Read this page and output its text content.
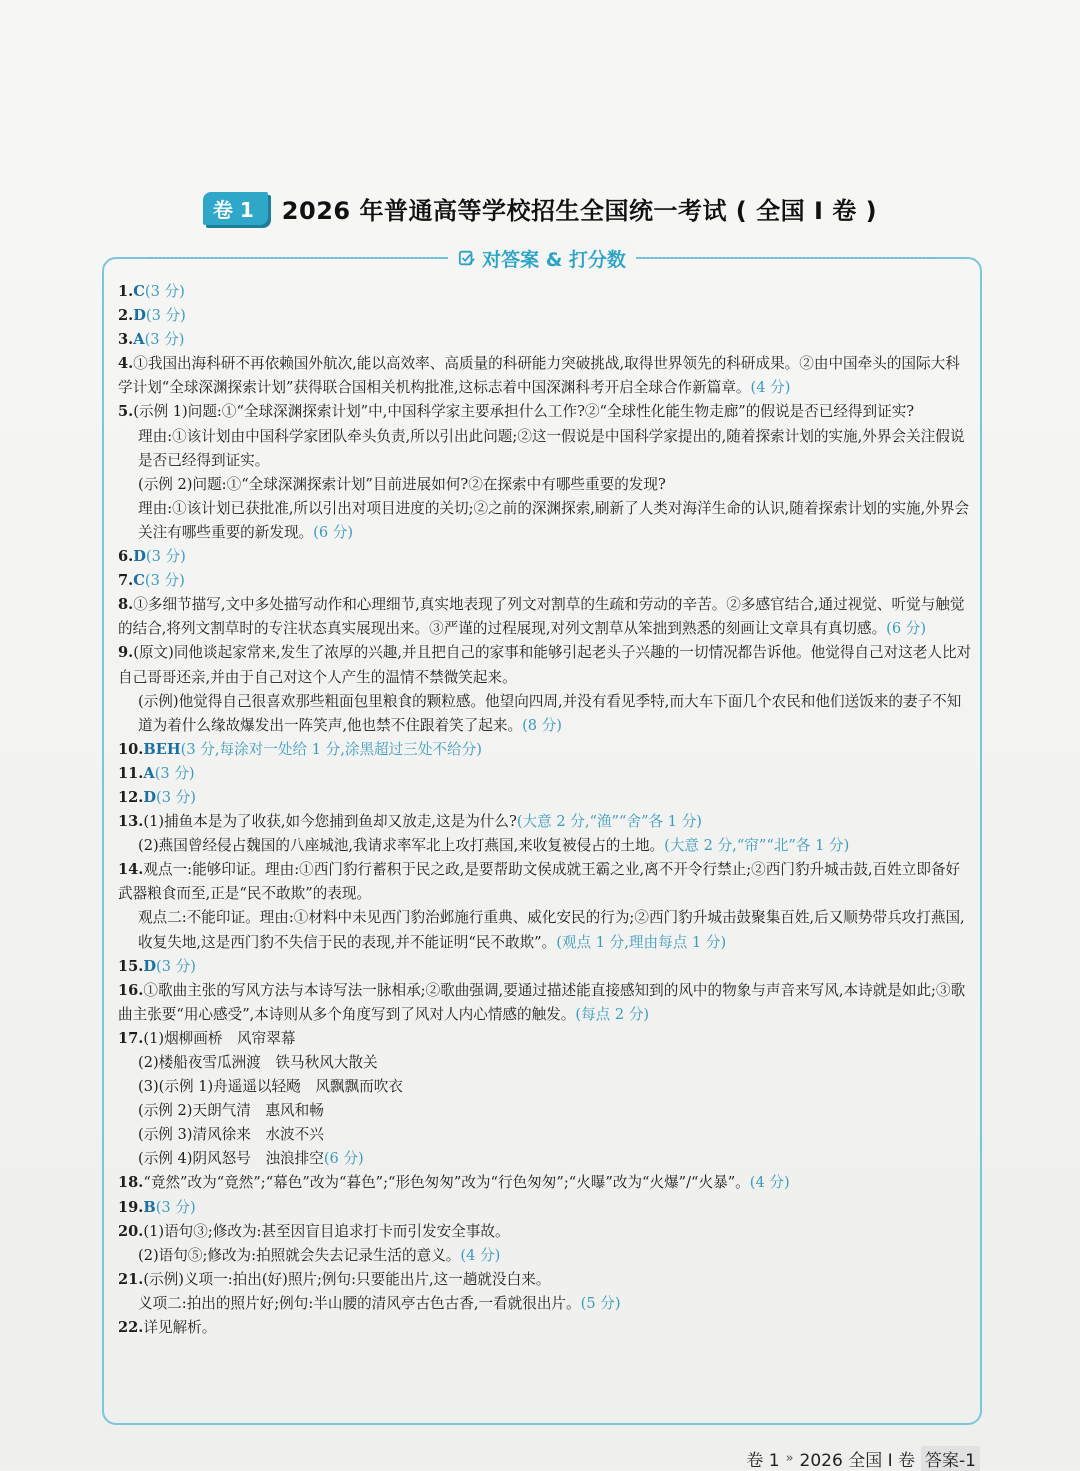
卷 1	2026 年普通高等学校招生全国统一考试 ( 全国 I 卷 )
对答案 & 打分数

1.C(3 分)

2.D(3 分)

3.A(3 分)

4.①我国出海科研不再依赖国外航次,能以高效率、高质量的科研能力突破挑战,取得世界领先的科研成果。②由中国牵头的国际大科学计划“全球深渊探索计划”获得联合国相关机构批准,这标志着中国深渊科考开启全球合作新篇章。(4 分)

5.(示例 1)问题:①“全球深渊探索计划”中,中国科学家主要承担什么工作?②“全球性化能生物走廊”的假说是否已经得到证实?

理由:①该计划由中国科学家团队牵头负责,所以引出此问题;②这一假说是中国科学家提出的,随着探索计划的实施,外界会关注假说是否已经得到证实。

(示例 2)问题:①“全球深渊探索计划”目前进展如何?②在探索中有哪些重要的发现?

理由:①该计划已获批准,所以引出对项目进度的关切;②之前的深渊探索,刷新了人类对海洋生命的认识,随着探索计划的实施,外界会关注有哪些重要的新发现。(6 分)

6.D(3 分)

7.C(3 分)

8.①多细节描写,文中多处描写动作和心理细节,真实地表现了列文对割草的生疏和劳动的辛苦。②多感官结合,通过视觉、听觉与触觉的结合,将列文割草时的专注状态真实展现出来。③严谨的过程展现,对列文割草从笨拙到熟悉的刻画让文章具有真切感。(6 分)

9.(原文)同他谈起家常来,发生了浓厚的兴趣,并且把自己的家事和能够引起老头子兴趣的一切情况都告诉他。他觉得自己对这老人比对自己哥哥还亲,并由于自己对这个人产生的温情不禁微笑起来。

(示例)他觉得自己很喜欢那些粗面包里粮食的颗粒感。他望向四周,并没有看见季特,而大车下面几个农民和他们送饭来的妻子不知道为着什么缘故爆发出一阵笑声,他也禁不住跟着笑了起来。(8 分)

10.BEH(3 分,每涂对一处给 1 分,涂黑超过三处不给分)

11.A(3 分)

12.D(3 分)

13.(1)捕鱼本是为了收获,如今您捕到鱼却又放走,这是为什么?(大意 2 分,“渔”“舍”各 1 分)

(2)燕国曾经侵占魏国的八座城池,我请求率军北上攻打燕国,来收复被侵占的土地。(大意 2 分,“帘”“北”各 1 分)

14.观点一:能够印证。理由:①西门豹行蓄积于民之政,是要帮助文侯成就王霸之业,离不开令行禁止;②西门豹升城击鼓,百姓立即备好武器粮食而至,正是“民不敢欺”的表现。

观点二:不能印证。理由:①材料中未见西门豹治邺施行重典、威化安民的行为;②西门豹升城击鼓聚集百姓,后又顺势带兵攻打燕国,收复失地,这是西门豹不失信于民的表现,并不能证明“民不敢欺”。(观点 1 分,理由每点 1 分)

15.D(3 分)

16.①歌曲主张的写风方法与本诗写法一脉相承;②歌曲强调,要通过描述能直接感知到的风中的物象与声音来写风,本诗就是如此;③歌曲主张要“用心感受”,本诗则从多个角度写到了风对人内心情感的触发。(每点 2 分)

17.(1)烟柳画桥　风帘翠幕

(2)楼船夜雪瓜洲渡　铁马秋风大散关

(3)(示例 1)舟遥遥以轻飏　风飘飘而吹衣

(示例 2)天朗气清　惠风和畅

(示例 3)清风徐来　水波不兴

(示例 4)阴风怒号　浊浪排空(6 分)

18.“竟然”改为“竟然”;“幕色”改为“暮色”;“形色匆匆”改为“行色匆匆”;“火曝”改为“火爆”/“火暴”。(4 分)

19.B(3 分)

20.(1)语句③;修改为:甚至因盲目追求打卡而引发安全事故。

(2)语句⑤;修改为:拍照就会失去记录生活的意义。(4 分)

21.(示例)义项一:拍出(好)照片;例句:只要能出片,这一趟就没白来。

义项二:拍出的照片好;例句:半山腰的清风亭古色古香,一看就很出片。(5 分)

22.详见解析。

卷 1 » 2026 全国 I 卷 答案-1
